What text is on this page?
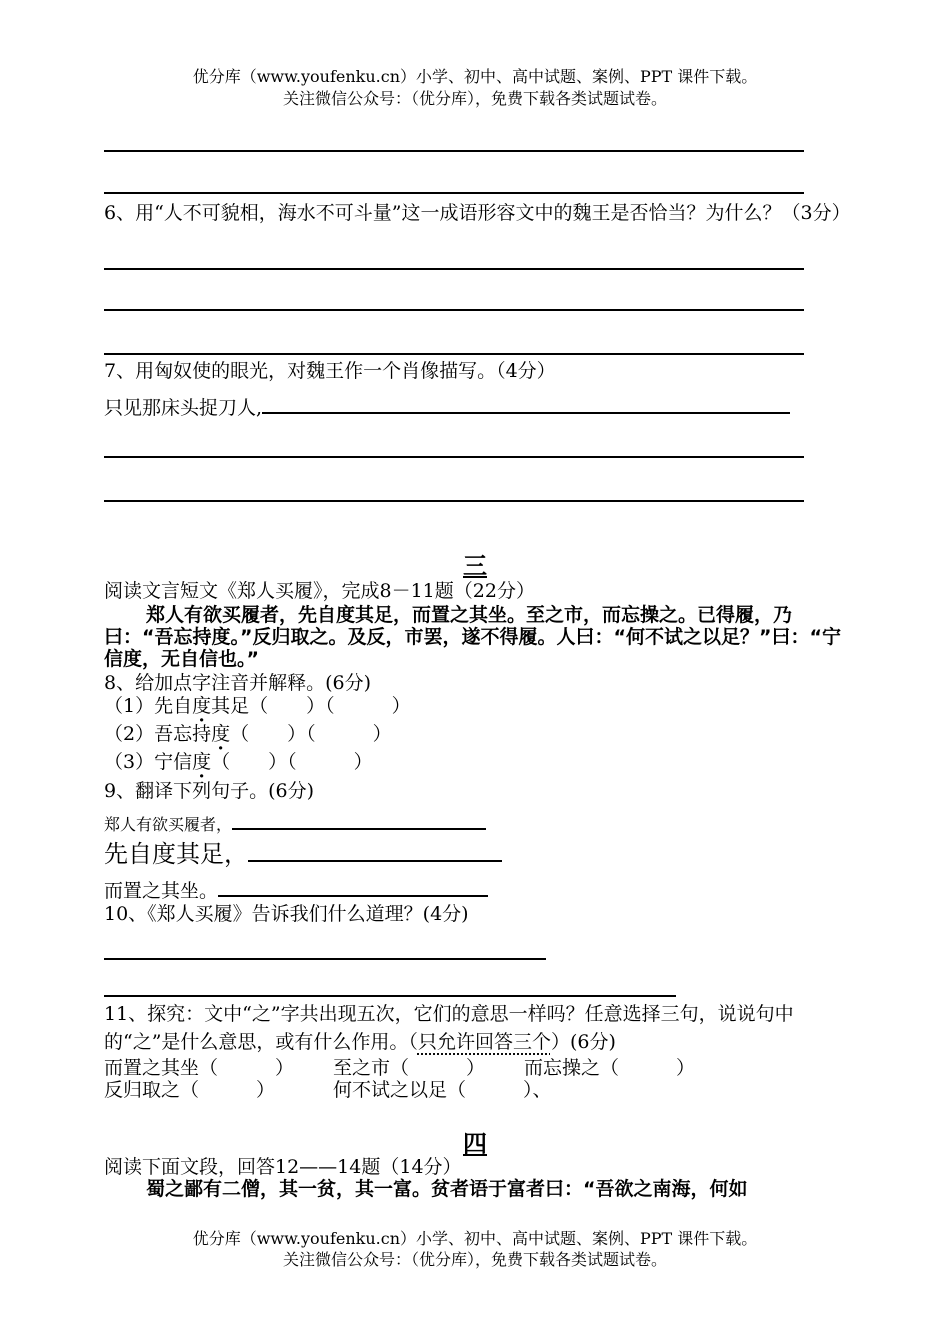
优分库（www.youfenku.cn）小学、初中、高中试题、案例、PPT 课件下载。
关注微信公众号：（优分库），免费下载各类试题试卷。
6、用“人不可貌相，海水不可斗量”这一成语形容文中的魏王是否恰当？为什么？（3分）
7、用匈奴使的眼光，对魏王作一个肖像描写。（4分）
只见那床头捉刀人,
三
阅读文言短文《郑人买履》，完成8－11题（22分）
郑人有欲买履者，先自度其足，而置之其坐。至之市，而忘操之。已得履，乃曰：“吾忘持度。”反归取之。及反，市罢，遂不得履。人曰：“何不试之以足？”曰：“宁信度，无自信也。”
8、给加点字注音并解释。(6分)
（1）先自度其足（　　）（　　　）
（2）吾忘持度（　　）（　　　）
（3）宁信度（　　）（　　　）
9、翻译下列句子。(6分)
郑人有欲买履者，
先自度其足，
而置之其坐。
10、《郑人买履》告诉我们什么道理？(4分)
11、探究：文中“之”字共出现五次，它们的意思一样吗？任意选择三句，说说句中的“之”是什么意思，或有什么作用。（只允许回答三个）(6分)
而置之其坐（　　　） 至之市（　　　） 而忘操之（　　　）
反归取之（　　　）	何不试之以足（　　　）、
四
阅读下面文段，回答12——14题（14分）
蜀之鄙有二僧，其一贫，其一富。贫者语于富者曰：“吾欲之南海，何如
优分库（www.youfenku.cn）小学、初中、高中试题、案例、PPT 课件下载。
关注微信公众号：（优分库），免费下载各类试题试卷。
